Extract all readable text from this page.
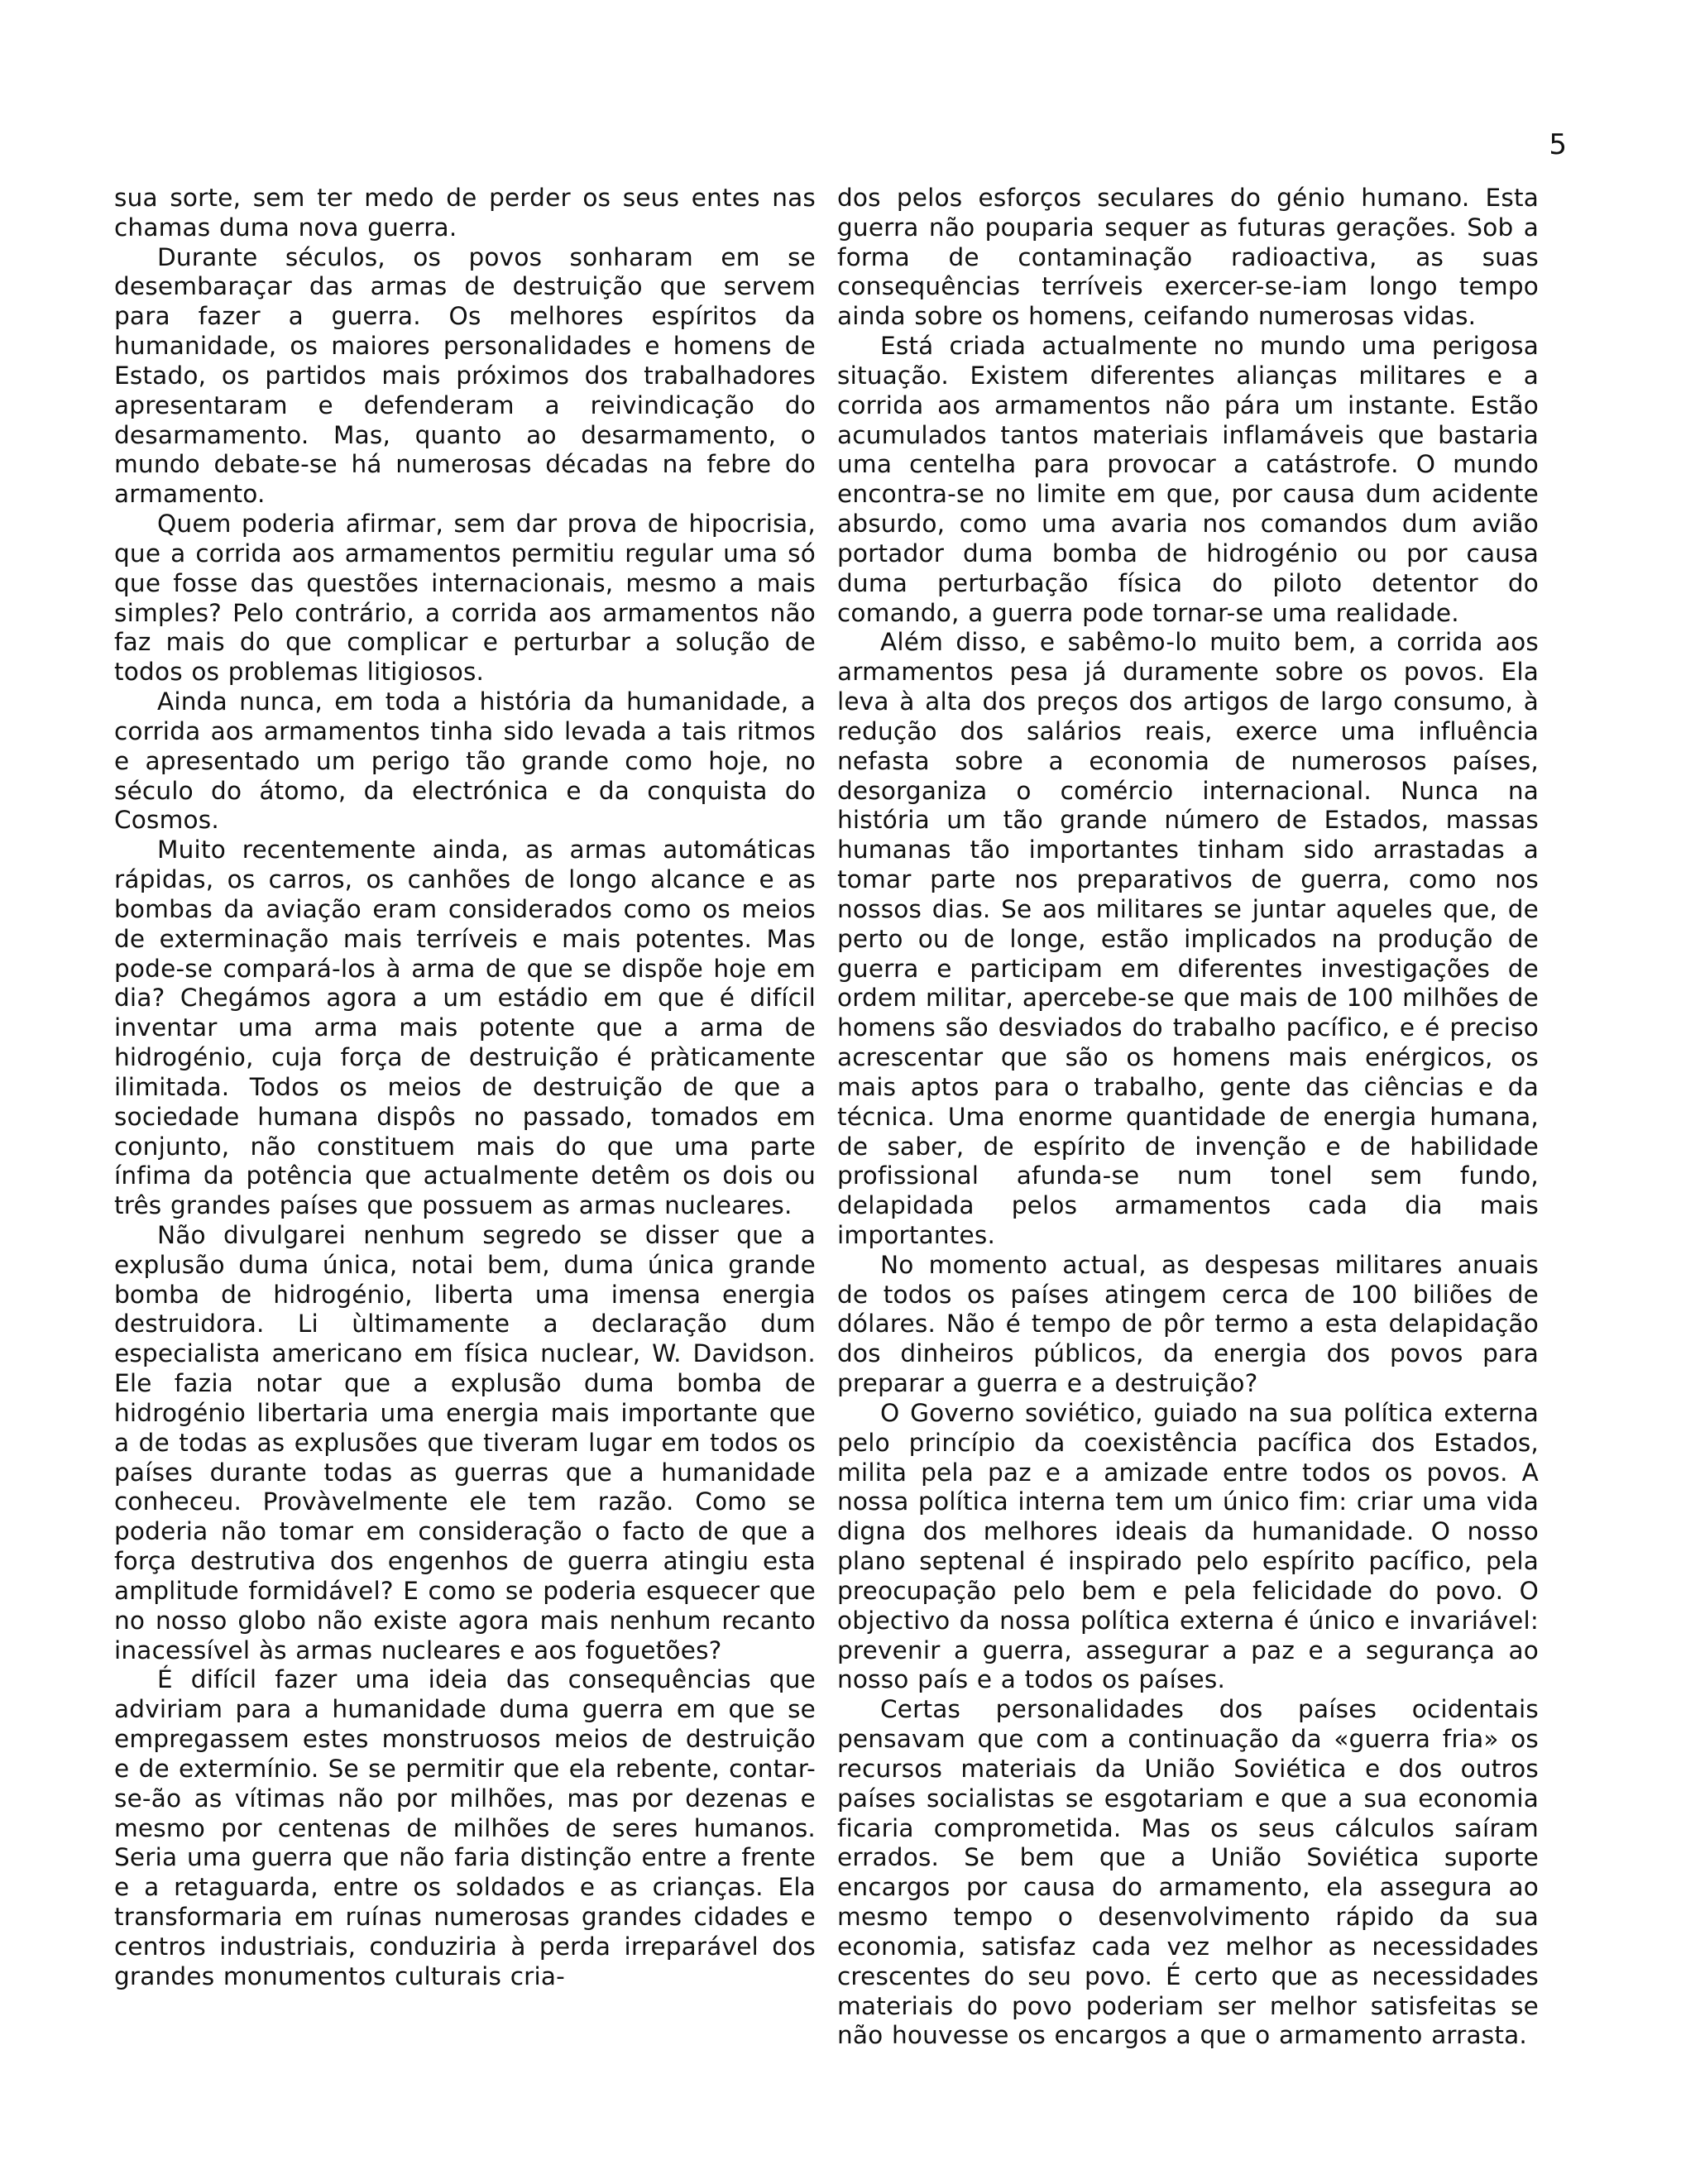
5

sua sorte, sem ter medo de perder os seus entes nas chamas duma nova guerra.

Durante séculos, os povos sonharam em se desembaraçar das armas de destruição que servem para fazer a guerra. Os melhores espíritos da humanidade, os maiores personalidades e homens de Estado, os partidos mais próximos dos trabalhadores apresentaram e defenderam a reivindicação do desarmamento. Mas, quanto ao desarmamento, o mundo debate-se há numerosas décadas na febre do armamento.

Quem poderia afirmar, sem dar prova de hipocrisia, que a corrida aos armamentos permitiu regular uma só que fosse das questões internacionais, mesmo a mais simples? Pelo contrário, a corrida aos armamentos não faz mais do que complicar e perturbar a solução de todos os problemas litigiosos.

Ainda nunca, em toda a história da humanidade, a corrida aos armamentos tinha sido levada a tais ritmos e apresentado um perigo tão grande como hoje, no século do átomo, da electrónica e da conquista do Cosmos.

Muito recentemente ainda, as armas automáticas rápidas, os carros, os canhões de longo alcance e as bombas da aviação eram considerados como os meios de exterminação mais terríveis e mais potentes. Mas pode-se compará-los à arma de que se dispõe hoje em dia? Chegámos agora a um estádio em que é difícil inventar uma arma mais potente que a arma de hidrogénio, cuja força de destruição é pràticamente ilimitada. Todos os meios de destruição de que a sociedade humana dispôs no passado, tomados em conjunto, não constituem mais do que uma parte ínfima da potência que actualmente detêm os dois ou três grandes países que possuem as armas nucleares.

Não divulgarei nenhum segredo se disser que a explusão duma única, notai bem, duma única grande bomba de hidrogénio, liberta uma imensa energia destruidora. Li ùltimamente a declaração dum especialista americano em física nuclear, W. Davidson. Ele fazia notar que a explusão duma bomba de hidrogénio libertaria uma energia mais importante que a de todas as explusões que tiveram lugar em todos os países durante todas as guerras que a humanidade conheceu. Provàvelmente ele tem razão. Como se poderia não tomar em consideração o facto de que a força destrutiva dos engenhos de guerra atingiu esta amplitude formidável? E como se poderia esquecer que no nosso globo não existe agora mais nenhum recanto inacessível às armas nucleares e aos foguetões?

É difícil fazer uma ideia das consequências que adviriam para a humanidade duma guerra em que se empregassem estes monstruosos meios de destruição e de extermínio. Se se permitir que ela rebente, contar-se-ão as vítimas não por milhões, mas por dezenas e mesmo por centenas de milhões de seres humanos. Seria uma guerra que não faria distinção entre a frente e a retaguarda, entre os soldados e as crianças. Ela transformaria em ruínas numerosas grandes cidades e centros industriais, conduziria à perda irreparável dos grandes monumentos culturais cria-

dos pelos esforços seculares do génio humano. Esta guerra não pouparia sequer as futuras gerações. Sob a forma de contaminação radioactiva, as suas consequências terríveis exercer-se-iam longo tempo ainda sobre os homens, ceifando numerosas vidas.

Está criada actualmente no mundo uma perigosa situação. Existem diferentes alianças militares e a corrida aos armamentos não pára um instante. Estão acumulados tantos materiais inflamáveis que bastaria uma centelha para provocar a catástrofe. O mundo encontra-se no limite em que, por causa dum acidente absurdo, como uma avaria nos comandos dum avião portador duma bomba de hidrogénio ou por causa duma perturbação física do piloto detentor do comando, a guerra pode tornar-se uma realidade.

Além disso, e sabêmo-lo muito bem, a corrida aos armamentos pesa já duramente sobre os povos. Ela leva à alta dos preços dos artigos de largo consumo, à redução dos salários reais, exerce uma influência nefasta sobre a economia de numerosos países, desorganiza o comércio internacional. Nunca na história um tão grande número de Estados, massas humanas tão importantes tinham sido arrastadas a tomar parte nos preparativos de guerra, como nos nossos dias. Se aos militares se juntar aqueles que, de perto ou de longe, estão implicados na produção de guerra e participam em diferentes investigações de ordem militar, apercebe-se que mais de 100 milhões de homens são desviados do trabalho pacífico, e é preciso acrescentar que são os homens mais enérgicos, os mais aptos para o trabalho, gente das ciências e da técnica. Uma enorme quantidade de energia humana, de saber, de espírito de invenção e de habilidade profissional afunda-se num tonel sem fundo, delapidada pelos armamentos cada dia mais importantes.

No momento actual, as despesas militares anuais de todos os países atingem cerca de 100 biliões de dólares. Não é tempo de pôr termo a esta delapidação dos dinheiros públicos, da energia dos povos para preparar a guerra e a destruição?

O Governo soviético, guiado na sua política externa pelo princípio da coexistência pacífica dos Estados, milita pela paz e a amizade entre todos os povos. A nossa política interna tem um único fim: criar uma vida digna dos melhores ideais da humanidade. O nosso plano septenal é inspirado pelo espírito pacífico, pela preocupação pelo bem e pela felicidade do povo. O objectivo da nossa política externa é único e invariável: prevenir a guerra, assegurar a paz e a segurança ao nosso país e a todos os países.

Certas personalidades dos países ocidentais pensavam que com a continuação da «guerra fria» os recursos materiais da União Soviética e dos outros países socialistas se esgotariam e que a sua economia ficaria comprometida. Mas os seus cálculos saíram errados. Se bem que a União Soviética suporte encargos por causa do armamento, ela assegura ao mesmo tempo o desenvolvimento rápido da sua economia, satisfaz cada vez melhor as necessidades crescentes do seu povo. É certo que as necessidades materiais do povo poderiam ser melhor satisfeitas se não houvesse os encargos a que o armamento arrasta.
